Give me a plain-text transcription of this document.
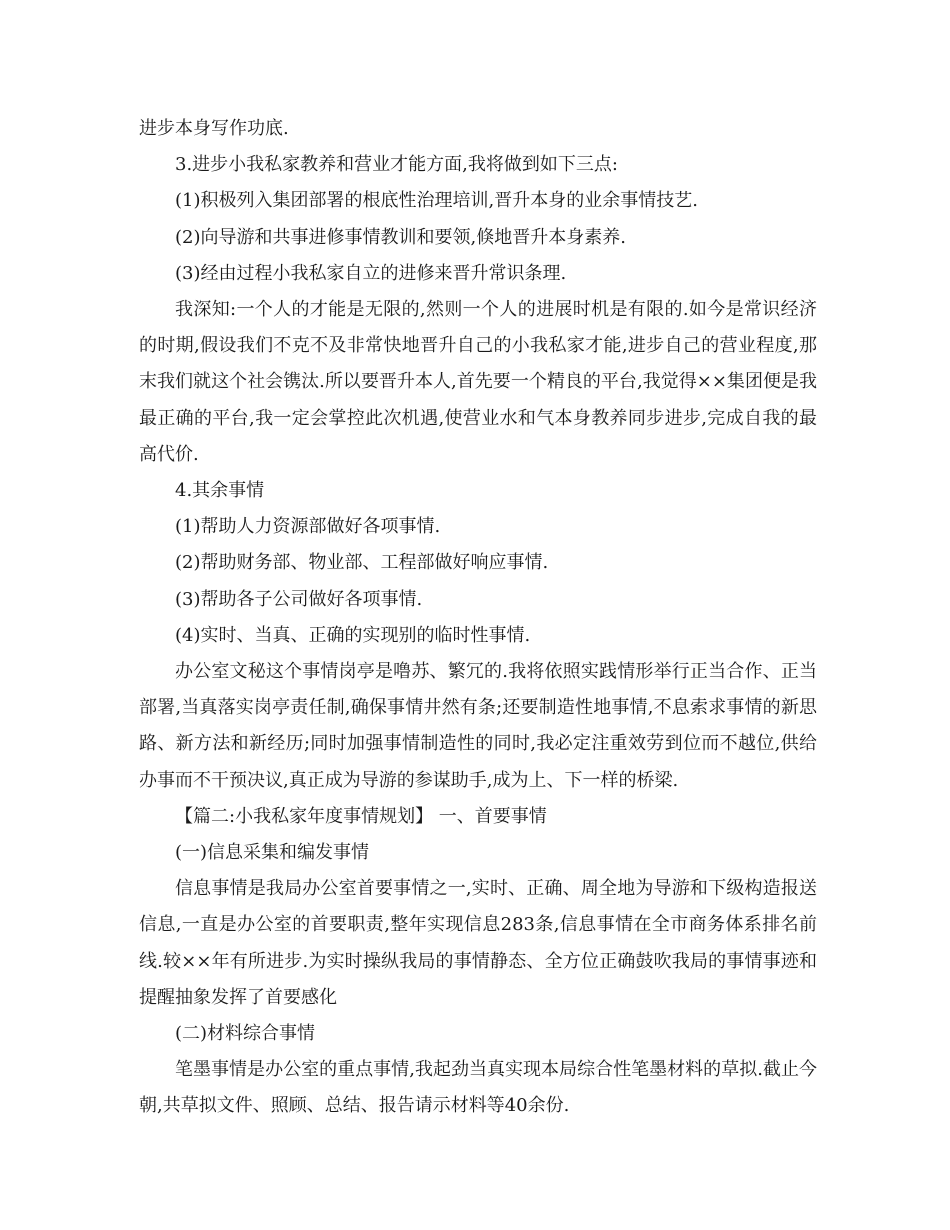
进步本身写作功底.

3.进步小我私家教养和营业才能方面,我将做到如下三点:

(1)积极列入集团部署的根底性治理培训,晋升本身的业余事情技艺.

(2)向导游和共事进修事情教训和要领,倏地晋升本身素养.

(3)经由过程小我私家自立的进修来晋升常识条理.

我深知:一个人的才能是无限的,然则一个人的进展时机是有限的.如今是常识经济的时期,假设我们不克不及非常快地晋升自己的小我私家才能,进步自己的营业程度,那末我们就这个社会镌汰.所以要晋升本人,首先要一个精良的平台,我觉得××集团便是我最正确的平台,我一定会掌控此次机遇,使营业水和气本身教养同步进步,完成自我的最高代价.

4.其余事情

(1)帮助人力资源部做好各项事情.

(2)帮助财务部、物业部、工程部做好响应事情.

(3)帮助各子公司做好各项事情.

(4)实时、当真、正确的实现别的临时性事情.

办公室文秘这个事情岗亭是噜苏、繁冗的.我将依照实践情形举行正当合作、正当部署,当真落实岗亭责任制,确保事情井然有条;还要制造性地事情,不息索求事情的新思路、新方法和新经历;同时加强事情制造性的同时,我必定注重效劳到位而不越位,供给办事而不干预决议,真正成为导游的参谋助手,成为上、下一样的桥梁.

【篇二:小我私家年度事情规划】 一、首要事情

(一)信息采集和编发事情

信息事情是我局办公室首要事情之一,实时、正确、周全地为导游和下级构造报送信息,一直是办公室的首要职责,整年实现信息283条,信息事情在全市商务体系排名前线.较××年有所进步.为实时操纵我局的事情静态、全方位正确鼓吹我局的事情事迹和提醒抽象发挥了首要感化

(二)材料综合事情

笔墨事情是办公室的重点事情,我起劲当真实现本局综合性笔墨材料的草拟.截止今朝,共草拟文件、照顾、总结、报告请示材料等40余份.
